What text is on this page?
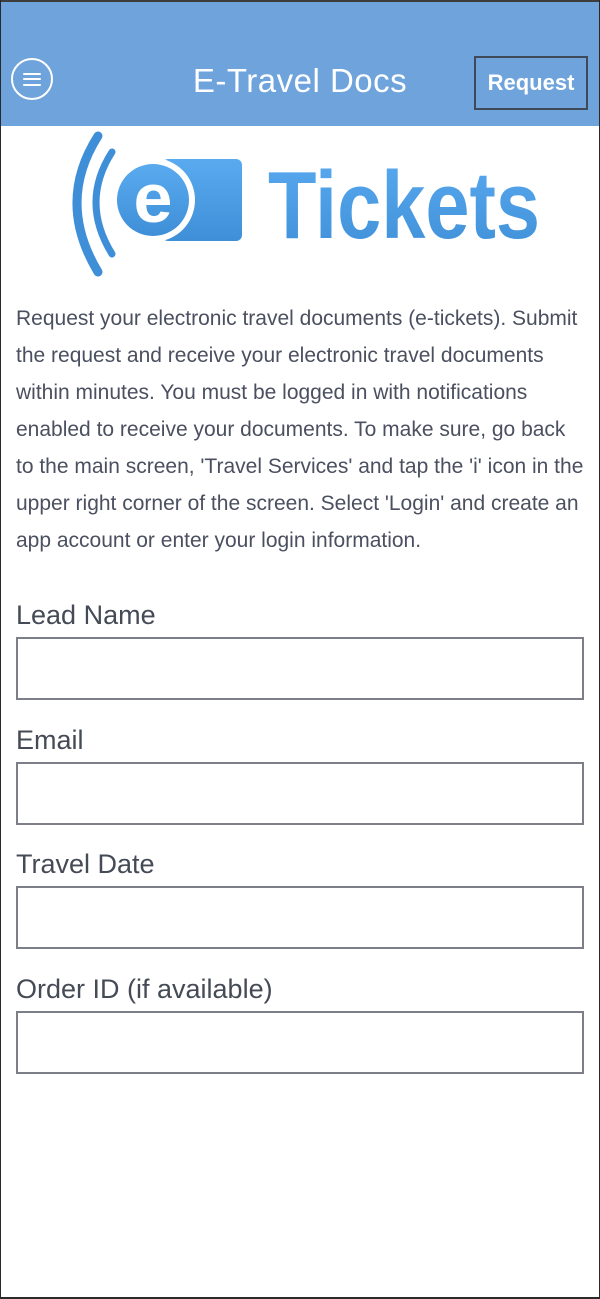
E-Travel Docs	Request
e Tickets

Request your electronic travel documents (e-tickets). Submit the request and receive your electronic travel documents within minutes. You must be logged in with notifications enabled to receive your documents. To make sure, go back to the main screen, 'Travel Services' and tap the 'i' icon in the upper right corner of the screen. Select 'Login' and create an app account or enter your login information.

Lead Name
Email
Travel Date
Order ID (if available)
